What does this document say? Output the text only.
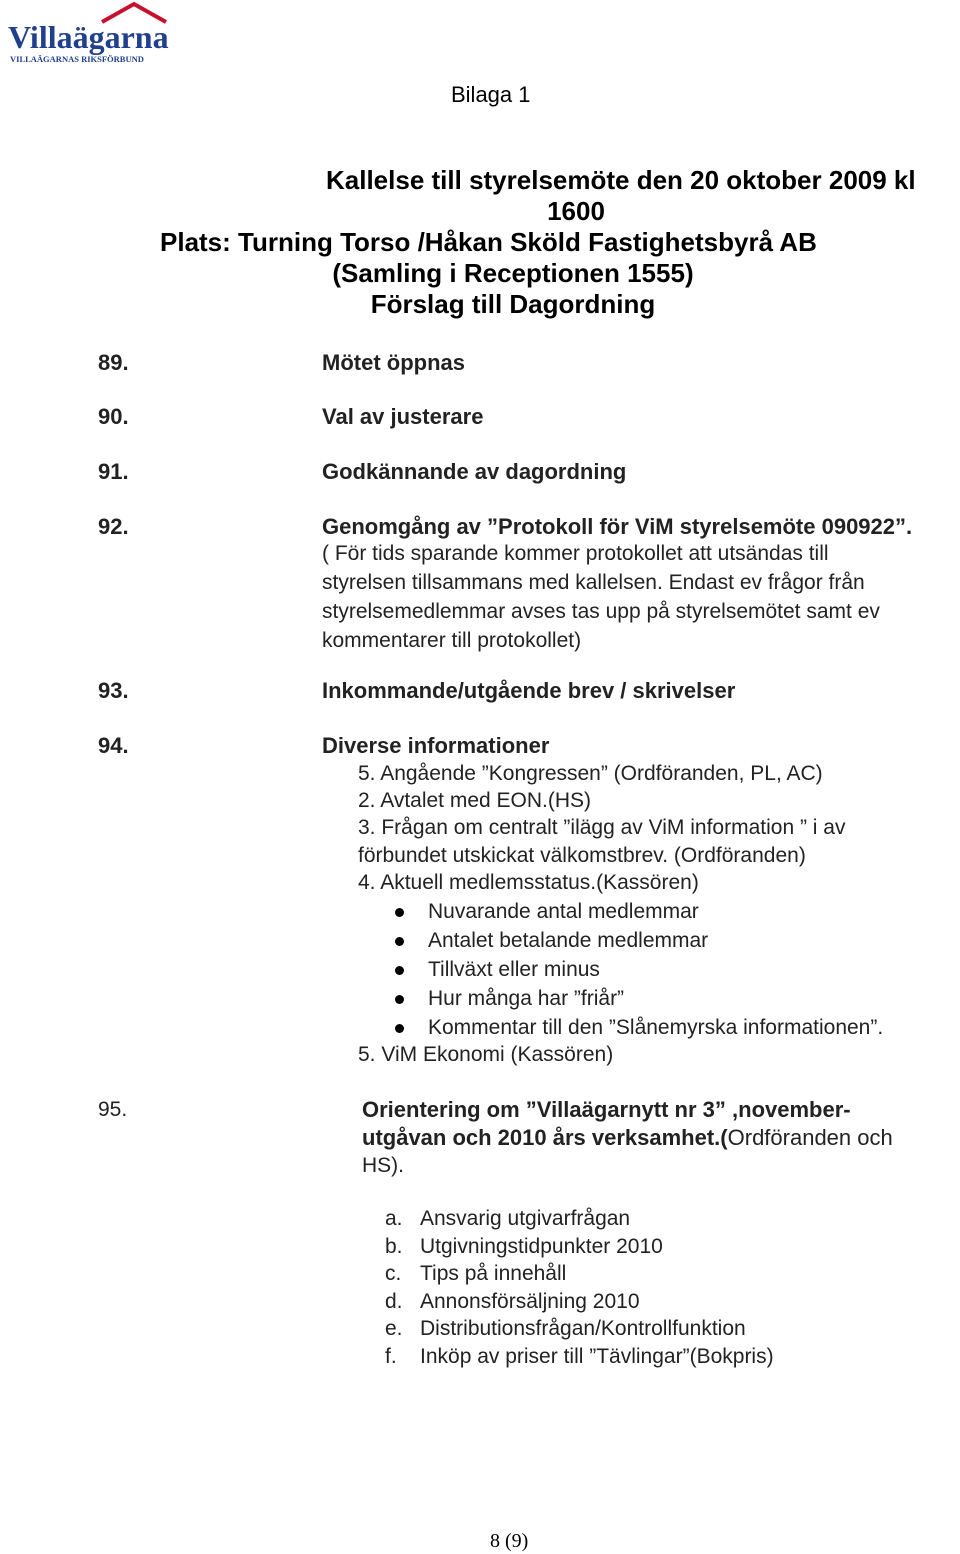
Villaägarna
VILLAÄGARNAS RIKSFÖRBUND
Bilaga 1
Kallelse till styrelsemöte den 20 oktober 2009 kl
1600
Plats: Turning Torso /Håkan Sköld Fastighetsbyrå AB
(Samling i Receptionen 1555)
Förslag till Dagordning
89.	Mötet öppnas
90.	Val av justerare
91.	Godkännande av dagordning
92.	Genomgång av ”Protokoll för ViM styrelsemöte 090922”.
( För tids sparande kommer protokollet att utsändas till
styrelsen tillsammans med kallelsen. Endast ev frågor från
styrelsemedlemmar avses tas upp på styrelsemötet samt ev
kommentarer till protokollet)
93.	Inkommande/utgående brev / skrivelser
94.	Diverse informationer
5. Angående ”Kongressen” (Ordföranden, PL, AC)
2. Avtalet med EON.(HS)
3. Frågan om centralt ”ilägg av ViM information ” i av
förbundet utskickat välkomstbrev. (Ordföranden)
4. Aktuell medlemsstatus.(Kassören)
Nuvarande antal medlemmar
Antalet betalande medlemmar
Tillväxt eller minus
Hur många har ”friår”
Kommentar till den ”Slånemyrska informationen”.
5. ViM Ekonomi (Kassören)
95.	Orientering om ”Villaägarnytt nr 3” ,november-
utgåvan och 2010 års verksamhet.(Ordföranden och
HS).
a. Ansvarig utgivarfrågan
b. Utgivningstidpunkter 2010
c. Tips på innehåll
d. Annonsförsäljning 2010
e. Distributionsfrågan/Kontrollfunktion
f. Inköp av priser till ”Tävlingar”(Bokpris)
8 (9)
